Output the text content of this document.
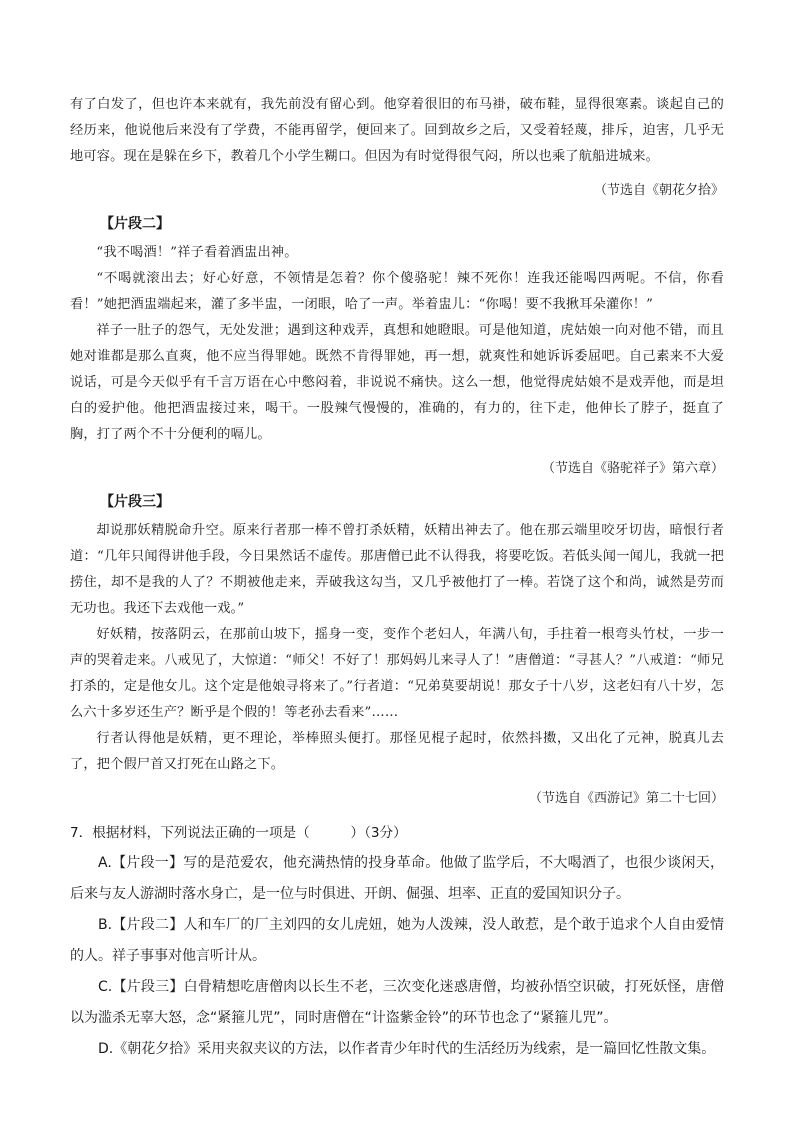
有了白发了，但也许本来就有，我先前没有留心到。他穿着很旧的布马褂，破布鞋，显得很寒素。谈起自己的经历来，他说他后来没有了学费，不能再留学，便回来了。回到故乡之后，又受着轻蔑，排斥，迫害，几乎无地可容。现在是躲在乡下，教着几个小学生糊口。但因为有时觉得很气闷，所以也乘了航船进城来。

（节选自《朝花夕拾》
【片段二】

“我不喝酒！”祥子看着酒盅出神。

“不喝就滚出去；好心好意，不领情是怎着？你个傻骆驼！辣不死你！连我还能喝四两呢。不信，你看看！”她把酒盅端起来，灌了多半盅，一闭眼，哈了一声。举着盅儿：“你喝！要不我揪耳朵灌你！”

祥子一肚子的怨气，无处发泄；遇到这种戏弄，真想和她瞪眼。可是他知道，虎姑娘一向对他不错，而且她对谁都是那么直爽，他不应当得罪她。既然不肯得罪她，再一想，就爽性和她诉诉委屈吧。自己素来不大爱说话，可是今天似乎有千言万语在心中憋闷着，非说说不痛快。这么一想，他觉得虎姑娘不是戏弄他，而是坦白的爱护他。他把酒盅接过来，喝干。一股辣气慢慢的，准确的，有力的，往下走，他伸长了脖子，挺直了胸，打了两个不十分便利的嗝儿。

（节选自《骆驼祥子》第六章）
【片段三】

却说那妖精脱命升空。原来行者那一棒不曾打杀妖精，妖精出神去了。他在那云端里咬牙切齿，暗恨行者道：“几年只闻得讲他手段，今日果然话不虚传。那唐僧已此不认得我，将要吃饭。若低头闻一闻儿，我就一把捞住，却不是我的人了？不期被他走来，弄破我这勾当，又几乎被他打了一棒。若饶了这个和尚，诚然是劳而无功也。我还下去戏他一戏。”

好妖精，按落阴云，在那前山坡下，摇身一变，变作个老妇人，年满八旬，手拄着一根弯头竹杖，一步一声的哭着走来。八戒见了，大惊道：“师父！不好了！那妈妈儿来寻人了！”唐僧道：“寻甚人？”八戒道：“师兄打杀的，定是他女儿。这个定是他娘寻将来了。”行者道：“兄弟莫要胡说！那女子十八岁，这老妇有八十岁，怎么六十多岁还生产？断乎是个假的！等老孙去看来”……

行者认得他是妖精，更不理论，举棒照头便打。那怪见棍子起时，依然抖擞，又出化了元神，脱真儿去了，把个假尸首又打死在山路之下。

（节选自《西游记》第二十七回）

7．根据材料，下列说法正确的一项是（　　　）（3分）

A.【片段一】写的是范爱农，他充满热情的投身革命。他做了监学后，不大喝酒了，也很少谈闲天，后来与友人游湖时落水身亡，是一位与时俱进、开朗、倔强、坦率、正直的爱国知识分子。

B.【片段二】人和车厂的厂主刘四的女儿虎妞，她为人泼辣，没人敢惹，是个敢于追求个人自由爱情的人。祥子事事对他言听计从。

C.【片段三】白骨精想吃唐僧肉以长生不老，三次变化迷惑唐僧，均被孙悟空识破，打死妖怪，唐僧以为滥杀无辜大怒，念“紧箍儿咒”，同时唐僧在“计盗紫金铃”的环节也念了“紧箍儿咒”。

D.《朝花夕拾》采用夹叙夹议的方法，以作者青少年时代的生活经历为线索，是一篇回忆性散文集。
